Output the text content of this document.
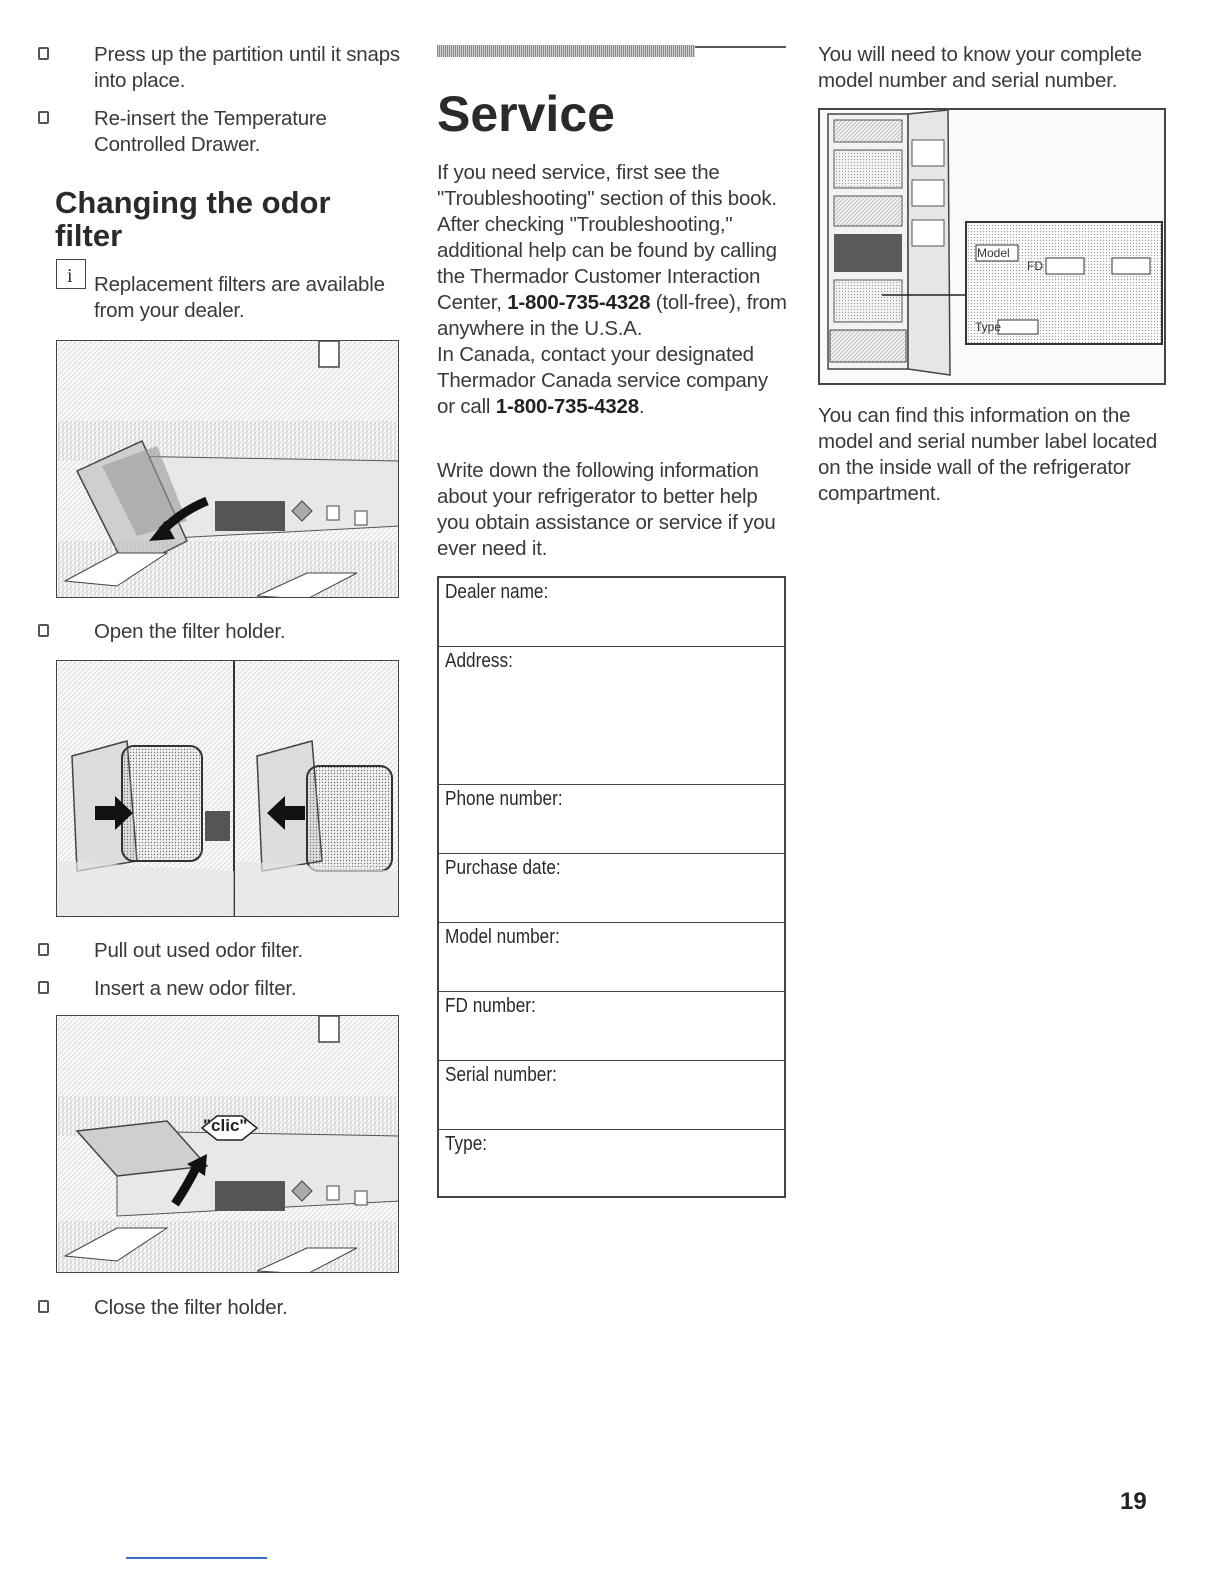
Press up the partition until it snaps into place.
Re-insert the Temperature Controlled Drawer.
Changing the odor filter
i Replacement filters are available from your dealer.
Open the filter holder.
Pull out used odor filter.
Insert a new odor filter.
"clic"
Close the filter holder.
Service
If you need service, first see the "Troubleshooting" section of this book. After checking "Troubleshooting," additional help can be found by calling the Thermador Customer Interaction Center, 1-800-735-4328 (toll-free), from anywhere in the U.S.A.
In Canada, contact your designated Thermador Canada service company or call 1-800-735-4328.
Write down the following information about your refrigerator to better help you obtain assistance or service if you ever need it.
Dealer name:
Address:
Phone number:
Purchase date:
Model number:
FD number:
Serial number:
Type:
You will need to know your complete model number and serial number.
Model
FD
Type
You can find this information on the model and serial number label located on the inside wall of the refrigerator compartment.
19
